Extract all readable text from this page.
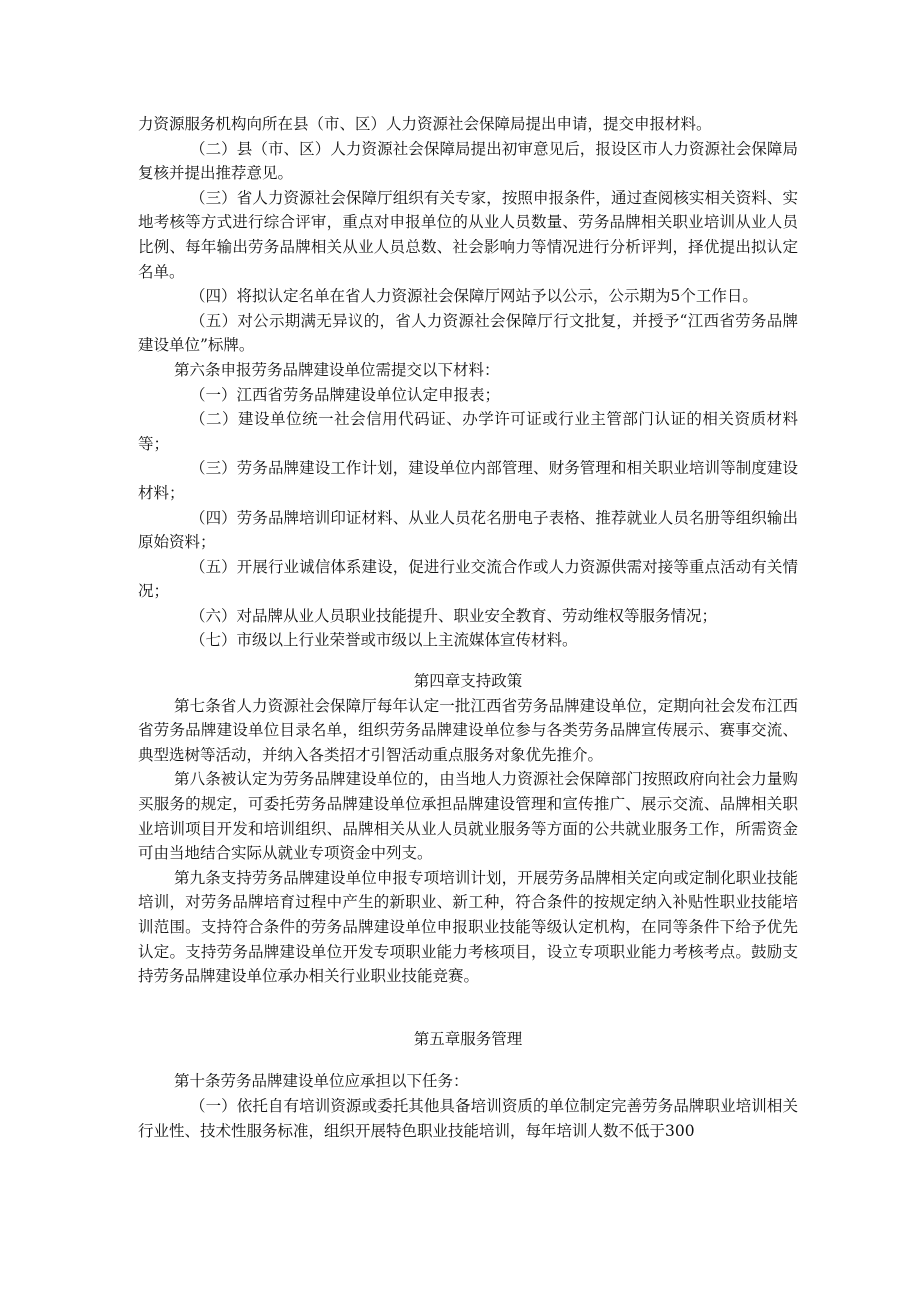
力资源服务机构向所在县（市、区）人力资源社会保障局提出申请，提交申报材料。

（二）县（市、区）人力资源社会保障局提出初审意见后，报设区市人力资源社会保障局复核并提出推荐意见。

（三）省人力资源社会保障厅组织有关专家，按照申报条件，通过查阅核实相关资料、实地考核等方式进行综合评审，重点对申报单位的从业人员数量、劳务品牌相关职业培训从业人员比例、每年输出劳务品牌相关从业人员总数、社会影响力等情况进行分析评判，择优提出拟认定名单。

（四）将拟认定名单在省人力资源社会保障厅网站予以公示，公示期为5个工作日。

（五）对公示期满无异议的，省人力资源社会保障厅行文批复，并授予“江西省劳务品牌建设单位”标牌。

第六条申报劳务品牌建设单位需提交以下材料：

（一）江西省劳务品牌建设单位认定申报表；

（二）建设单位统一社会信用代码证、办学许可证或行业主管部门认证的相关资质材料等；

（三）劳务品牌建设工作计划，建设单位内部管理、财务管理和相关职业培训等制度建设材料；

（四）劳务品牌培训印证材料、从业人员花名册电子表格、推荐就业人员名册等组织输出原始资料；

（五）开展行业诚信体系建设，促进行业交流合作或人力资源供需对接等重点活动有关情况；

（六）对品牌从业人员职业技能提升、职业安全教育、劳动维权等服务情况；

（七）市级以上行业荣誉或市级以上主流媒体宣传材料。

第四章支持政策

第七条省人力资源社会保障厅每年认定一批江西省劳务品牌建设单位，定期向社会发布江西省劳务品牌建设单位目录名单，组织劳务品牌建设单位参与各类劳务品牌宣传展示、赛事交流、典型选树等活动，并纳入各类招才引智活动重点服务对象优先推介。

第八条被认定为劳务品牌建设单位的，由当地人力资源社会保障部门按照政府向社会力量购买服务的规定，可委托劳务品牌建设单位承担品牌建设管理和宣传推广、展示交流、品牌相关职业培训项目开发和培训组织、品牌相关从业人员就业服务等方面的公共就业服务工作，所需资金可由当地结合实际从就业专项资金中列支。

第九条支持劳务品牌建设单位申报专项培训计划，开展劳务品牌相关定向或定制化职业技能培训，对劳务品牌培育过程中产生的新职业、新工种，符合条件的按规定纳入补贴性职业技能培训范围。支持符合条件的劳务品牌建设单位申报职业技能等级认定机构，在同等条件下给予优先认定。支持劳务品牌建设单位开发专项职业能力考核项目，设立专项职业能力考核考点。鼓励支持劳务品牌建设单位承办相关行业职业技能竞赛。

第五章服务管理

第十条劳务品牌建设单位应承担以下任务：

（一）依托自有培训资源或委托其他具备培训资质的单位制定完善劳务品牌职业培训相关行业性、技术性服务标准，组织开展特色职业技能培训，每年培训人数不低于300
